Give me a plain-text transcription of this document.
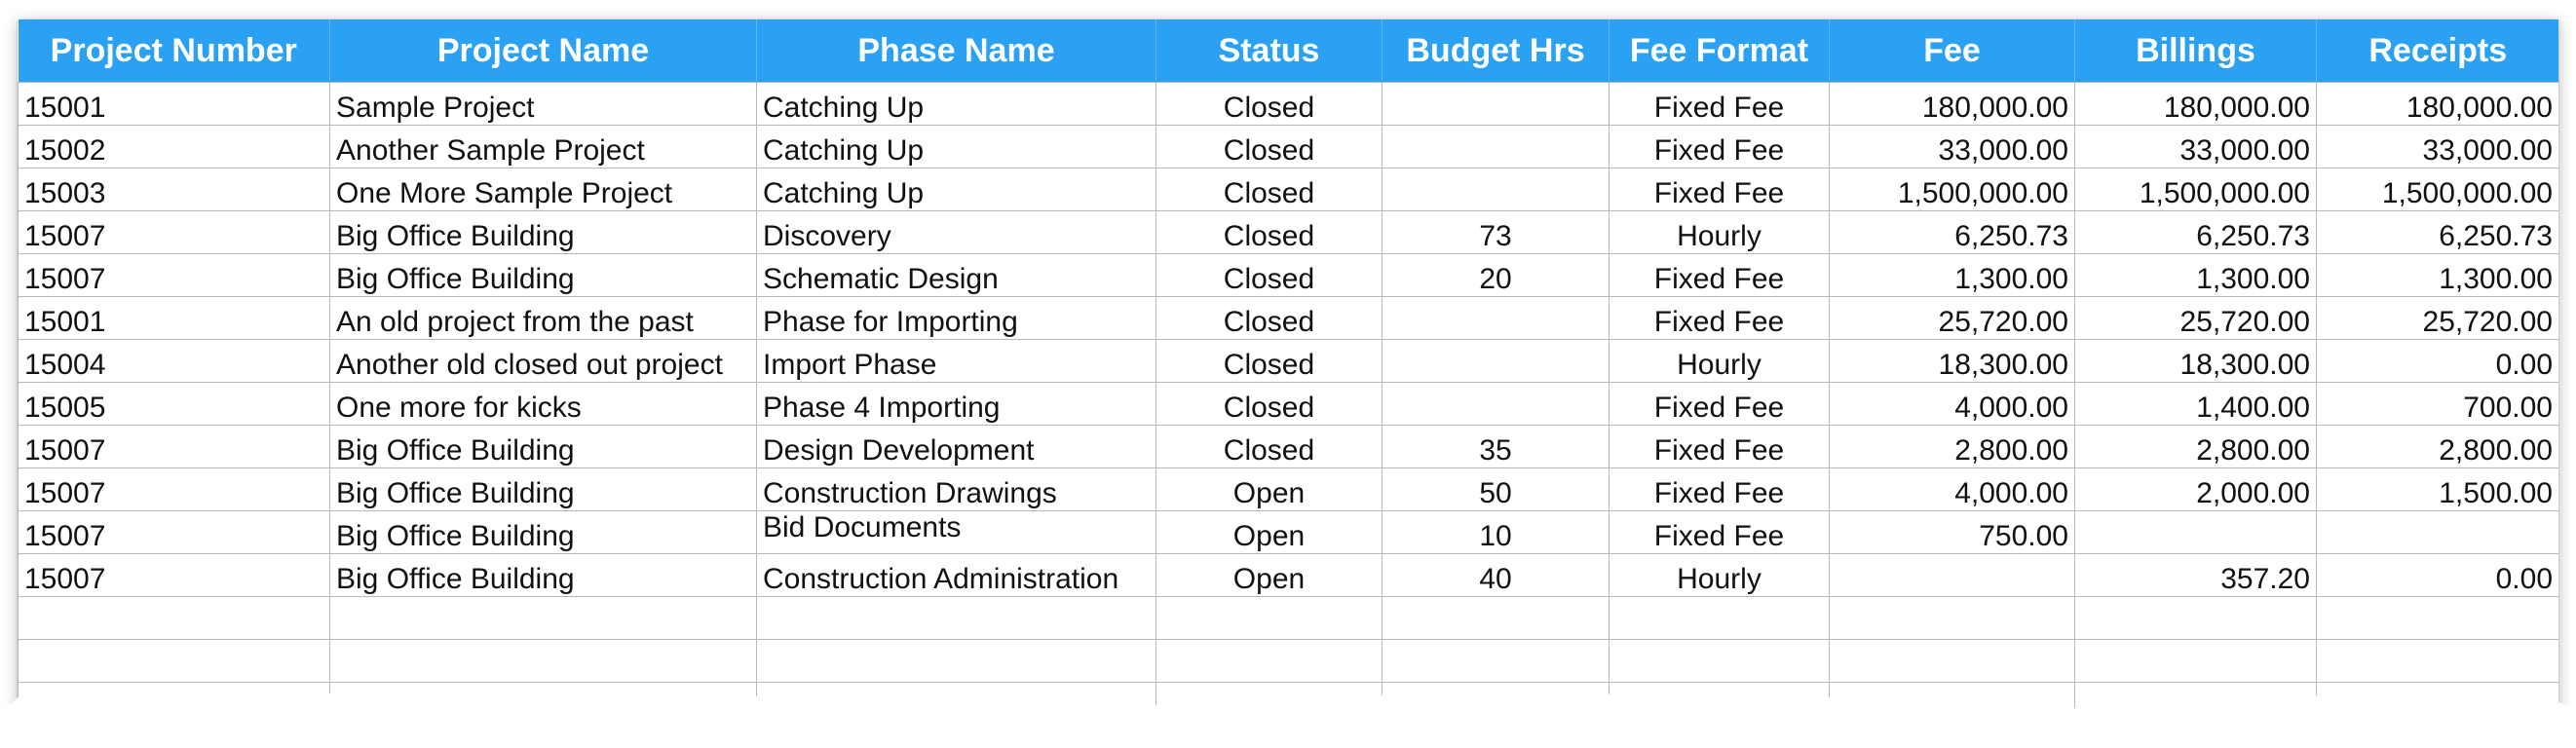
Project Number	Project Name	Phase Name	Status	Budget Hrs	Fee Format	Fee	Billings	Receipts
15001	Sample Project	Catching Up	Closed		Fixed Fee	180,000.00	180,000.00	180,000.00
15002	Another Sample Project	Catching Up	Closed		Fixed Fee	33,000.00	33,000.00	33,000.00
15003	One More Sample Project	Catching Up	Closed		Fixed Fee	1,500,000.00	1,500,000.00	1,500,000.00
15007	Big Office Building	Discovery	Closed	73	Hourly	6,250.73	6,250.73	6,250.73
15007	Big Office Building	Schematic Design	Closed	20	Fixed Fee	1,300.00	1,300.00	1,300.00
15001	An old project from the past	Phase for Importing	Closed		Fixed Fee	25,720.00	25,720.00	25,720.00
15004	Another old closed out project	Import Phase	Closed		Hourly	18,300.00	18,300.00	0.00
15005	One more for kicks	Phase 4 Importing	Closed		Fixed Fee	4,000.00	1,400.00	700.00
15007	Big Office Building	Design Development	Closed	35	Fixed Fee	2,800.00	2,800.00	2,800.00
15007	Big Office Building	Construction Drawings	Open	50	Fixed Fee	4,000.00	2,000.00	1,500.00
15007	Big Office Building	Bid Documents	Open	10	Fixed Fee	750.00		
15007	Big Office Building	Construction Administration	Open	40	Hourly		357.20	0.00
